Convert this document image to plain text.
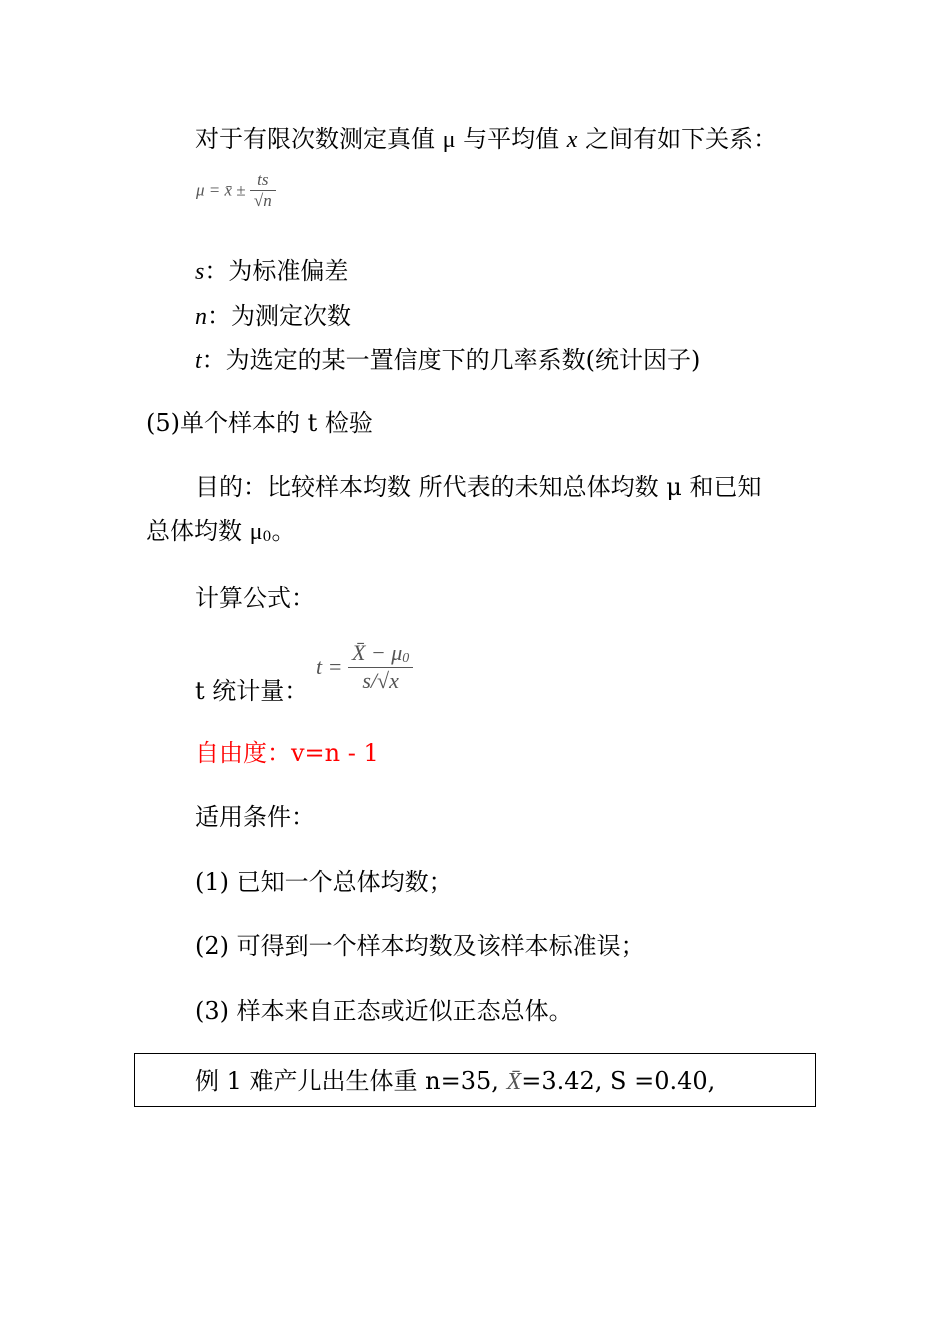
对于有限次数测定真值 μ 与平均值 x 之间有如下关系：
μ = x̄ ± $\frac{ts}{√n}$
s：为标准偏差
n：为测定次数
t：为选定的某一置信度下的几率系数(统计因子)
(5)单个样本的 t 检验
目的：比较样本均数 所代表的未知总体均数 μ 和已知
总体均数 μ0。
计算公式：
t 统计量：
$t = \frac{X̄ - \mu 0}{s/√x}$
自由度：v=n - 1
适用条件：
(1) 已知一个总体均数；
(2) 可得到一个样本均数及该样本标准误；
(3) 样本来自正态或近似正态总体。
例 1 难产儿出生体重 n=35, X̄=3.42, S =0.40,
